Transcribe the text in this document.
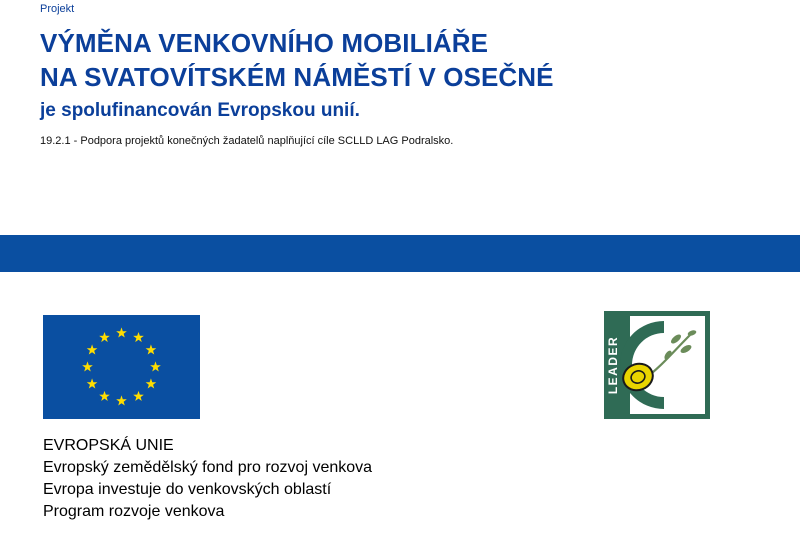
Projekt
VÝMĚNA VENKOVNÍHO MOBILIÁŘE
NA SVATOVÍTSKÉM NÁMĚSTÍ V OSEČNÉ
je spolufinancován Evropskou unií.
19.2.1 - Podpora projektů konečných žadatelů naplňující cíle SCLLD LAG Podralsko.
LEADER
EVROPSKÁ UNIE
Evropský zemědělský fond pro rozvoj venkova
Evropa investuje do venkovských oblastí
Program rozvoje venkova
